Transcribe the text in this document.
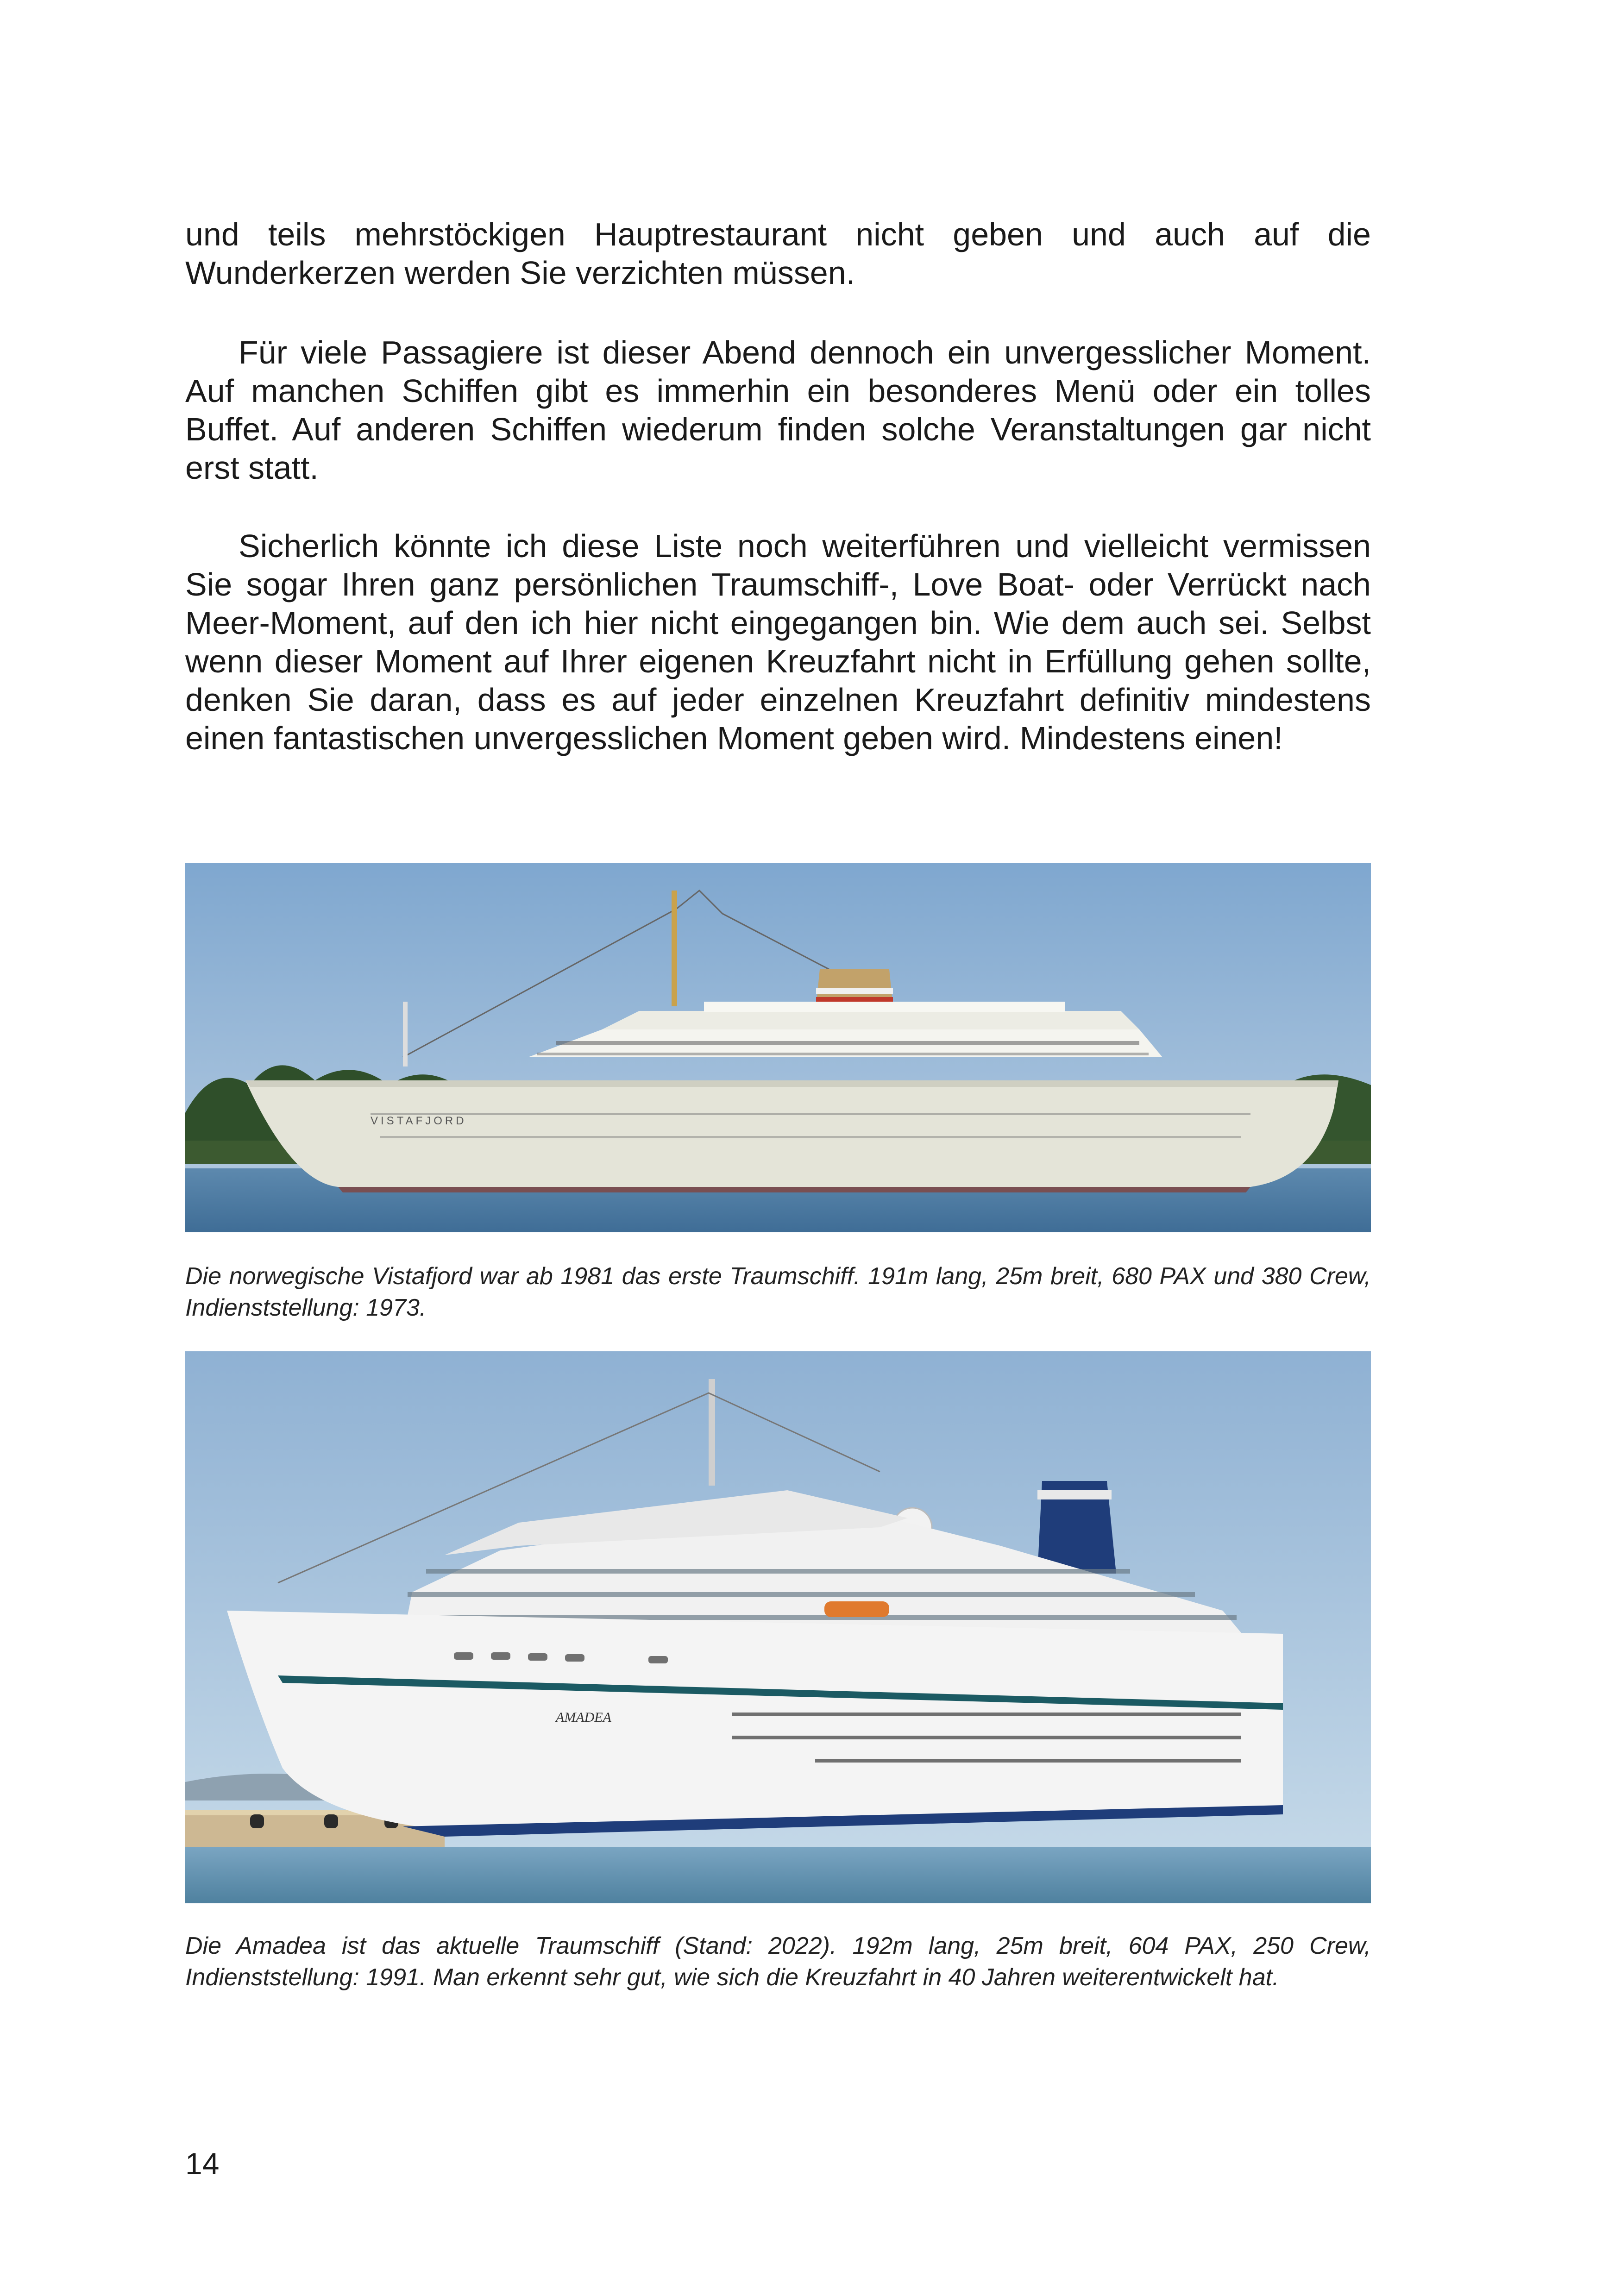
und teils mehrstöckigen Hauptrestaurant nicht geben und auch auf die Wunderkerzen werden Sie verzichten müssen.

Für viele Passagiere ist dieser Abend dennoch ein unvergesslicher Moment. Auf manchen Schiffen gibt es immerhin ein besonderes Menü oder ein tolles Buffet. Auf anderen Schiffen wiederum finden solche Veranstaltungen gar nicht erst statt.

Sicherlich könnte ich diese Liste noch weiterführen und vielleicht vermissen Sie sogar Ihren ganz persönlichen Traumschiff-, Love Boat- oder Verrückt nach Meer-Moment, auf den ich hier nicht eingegangen bin. Wie dem auch sei. Selbst wenn dieser Moment auf Ihrer eigenen Kreuzfahrt nicht in Erfüllung gehen sollte, denken Sie daran, dass es auf jeder einzelnen Kreuzfahrt definitiv mindestens einen fantastischen unvergesslichen Moment geben wird. Mindestens einen!

VISTAFJORD

Die norwegische Vistafjord war ab 1981 das erste Traumschiff. 191m lang, 25m breit, 680 PAX und 380 Crew, Indienststellung: 1973.

AMADEA

Die Amadea ist das aktuelle Traumschiff (Stand: 2022). 192m lang, 25m breit, 604 PAX, 250 Crew, Indienststellung: 1991. Man erkennt sehr gut, wie sich die Kreuzfahrt in 40 Jahren weiterentwickelt hat.

14
